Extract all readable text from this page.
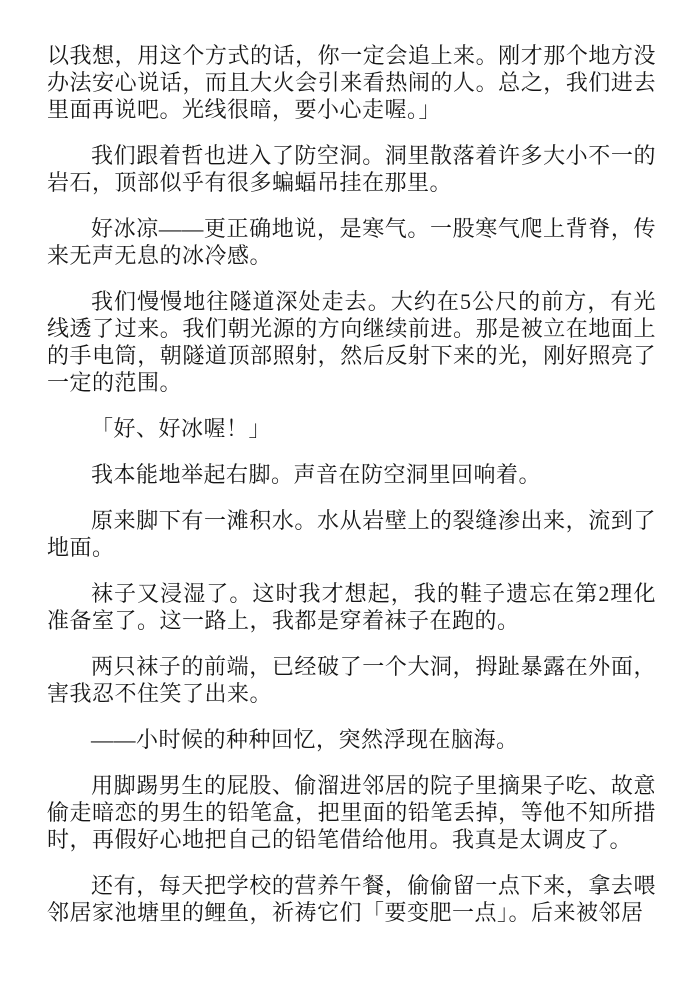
以我想，用这个方式的话，你一定会追上来。刚才那个地方没办法安心说话，而且大火会引来看热闹的人。总之，我们进去里面再说吧。光线很暗，要小心走喔。」

我们跟着哲也进入了防空洞。洞里散落着许多大小不一的岩石，顶部似乎有很多蝙蝠吊挂在那里。

好冰凉——更正确地说，是寒气。一股寒气爬上背脊，传来无声无息的冰冷感。

我们慢慢地往隧道深处走去。大约在5公尺的前方，有光线透了过来。我们朝光源的方向继续前进。那是被立在地面上的手电筒，朝隧道顶部照射，然后反射下来的光，刚好照亮了一定的范围。

「好、好冰喔！」

我本能地举起右脚。声音在防空洞里回响着。

原来脚下有一滩积水。水从岩壁上的裂缝渗出来，流到了地面。

袜子又浸湿了。这时我才想起，我的鞋子遗忘在第2理化准备室了。这一路上，我都是穿着袜子在跑的。

两只袜子的前端，已经破了一个大洞，拇趾暴露在外面，害我忍不住笑了出来。

——小时候的种种回忆，突然浮现在脑海。

用脚踢男生的屁股、偷溜进邻居的院子里摘果子吃、故意偷走暗恋的男生的铅笔盒，把里面的铅笔丢掉，等他不知所措时，再假好心地把自己的铅笔借给他用。我真是太调皮了。

还有，每天把学校的营养午餐，偷偷留一点下来，拿去喂邻居家池塘里的鲤鱼，祈祷它们「要变肥一点」。后来被邻居
